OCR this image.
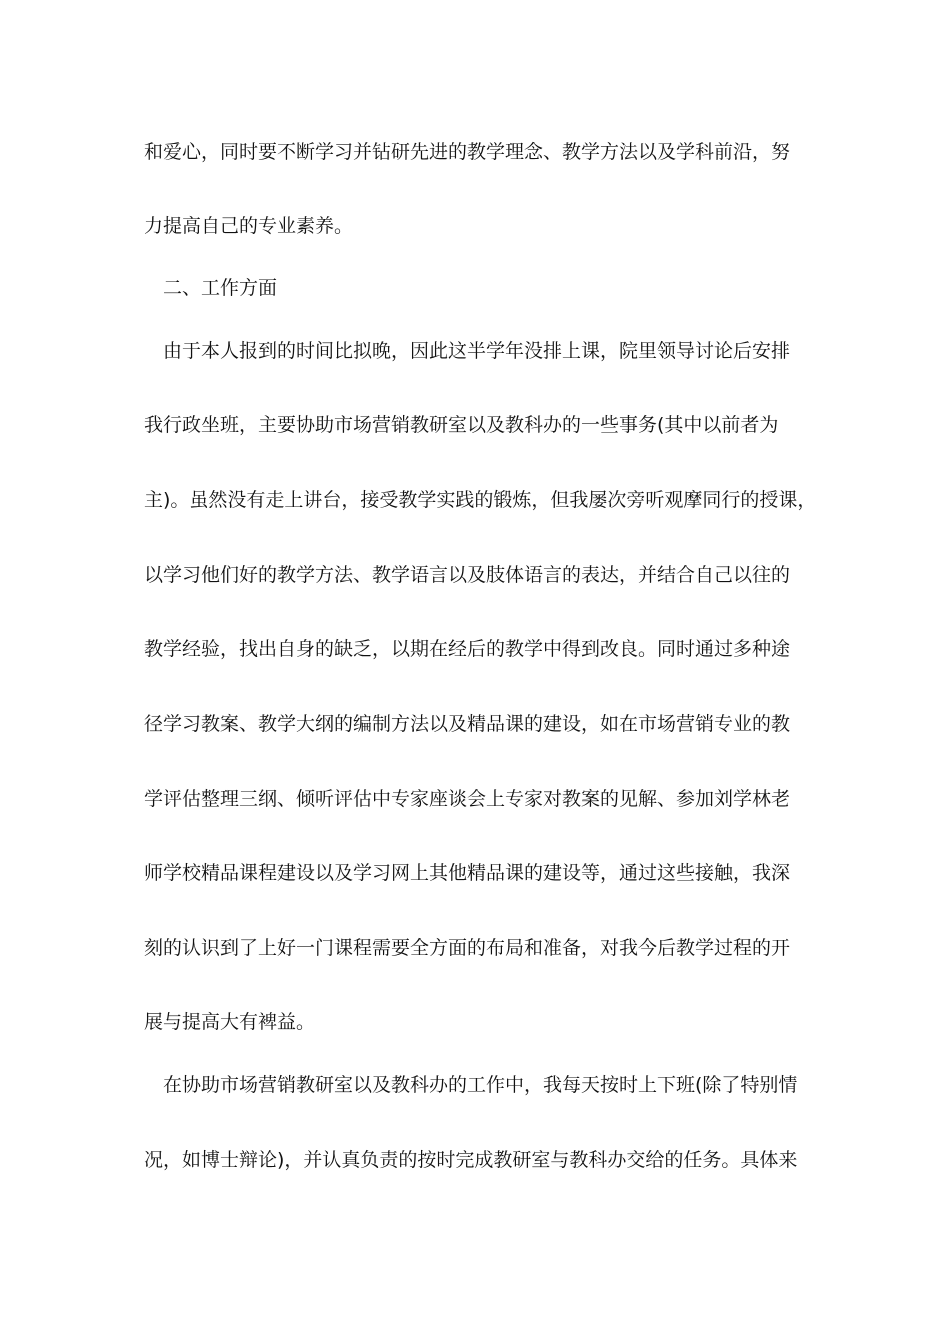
和爱心，同时要不断学习并钻研先进的教学理念、教学方法以及学科前沿，努
力提高自己的专业素养。
二、工作方面
由于本人报到的时间比拟晚，因此这半学年没排上课，院里领导讨论后安排
我行政坐班，主要协助市场营销教研室以及教科办的一些事务(其中以前者为
主)。虽然没有走上讲台，接受教学实践的锻炼，但我屡次旁听观摩同行的授课，
以学习他们好的教学方法、教学语言以及肢体语言的表达，并结合自己以往的
教学经验，找出自身的缺乏，以期在经后的教学中得到改良。同时通过多种途
径学习教案、教学大纲的编制方法以及精品课的建设，如在市场营销专业的教
学评估整理三纲、倾听评估中专家座谈会上专家对教案的见解、参加刘学林老
师学校精品课程建设以及学习网上其他精品课的建设等，通过这些接触，我深
刻的认识到了上好一门课程需要全方面的布局和准备，对我今后教学过程的开
展与提高大有裨益。
在协助市场营销教研室以及教科办的工作中，我每天按时上下班(除了特别情
况，如博士辩论)，并认真负责的按时完成教研室与教科办交给的任务。具体来
